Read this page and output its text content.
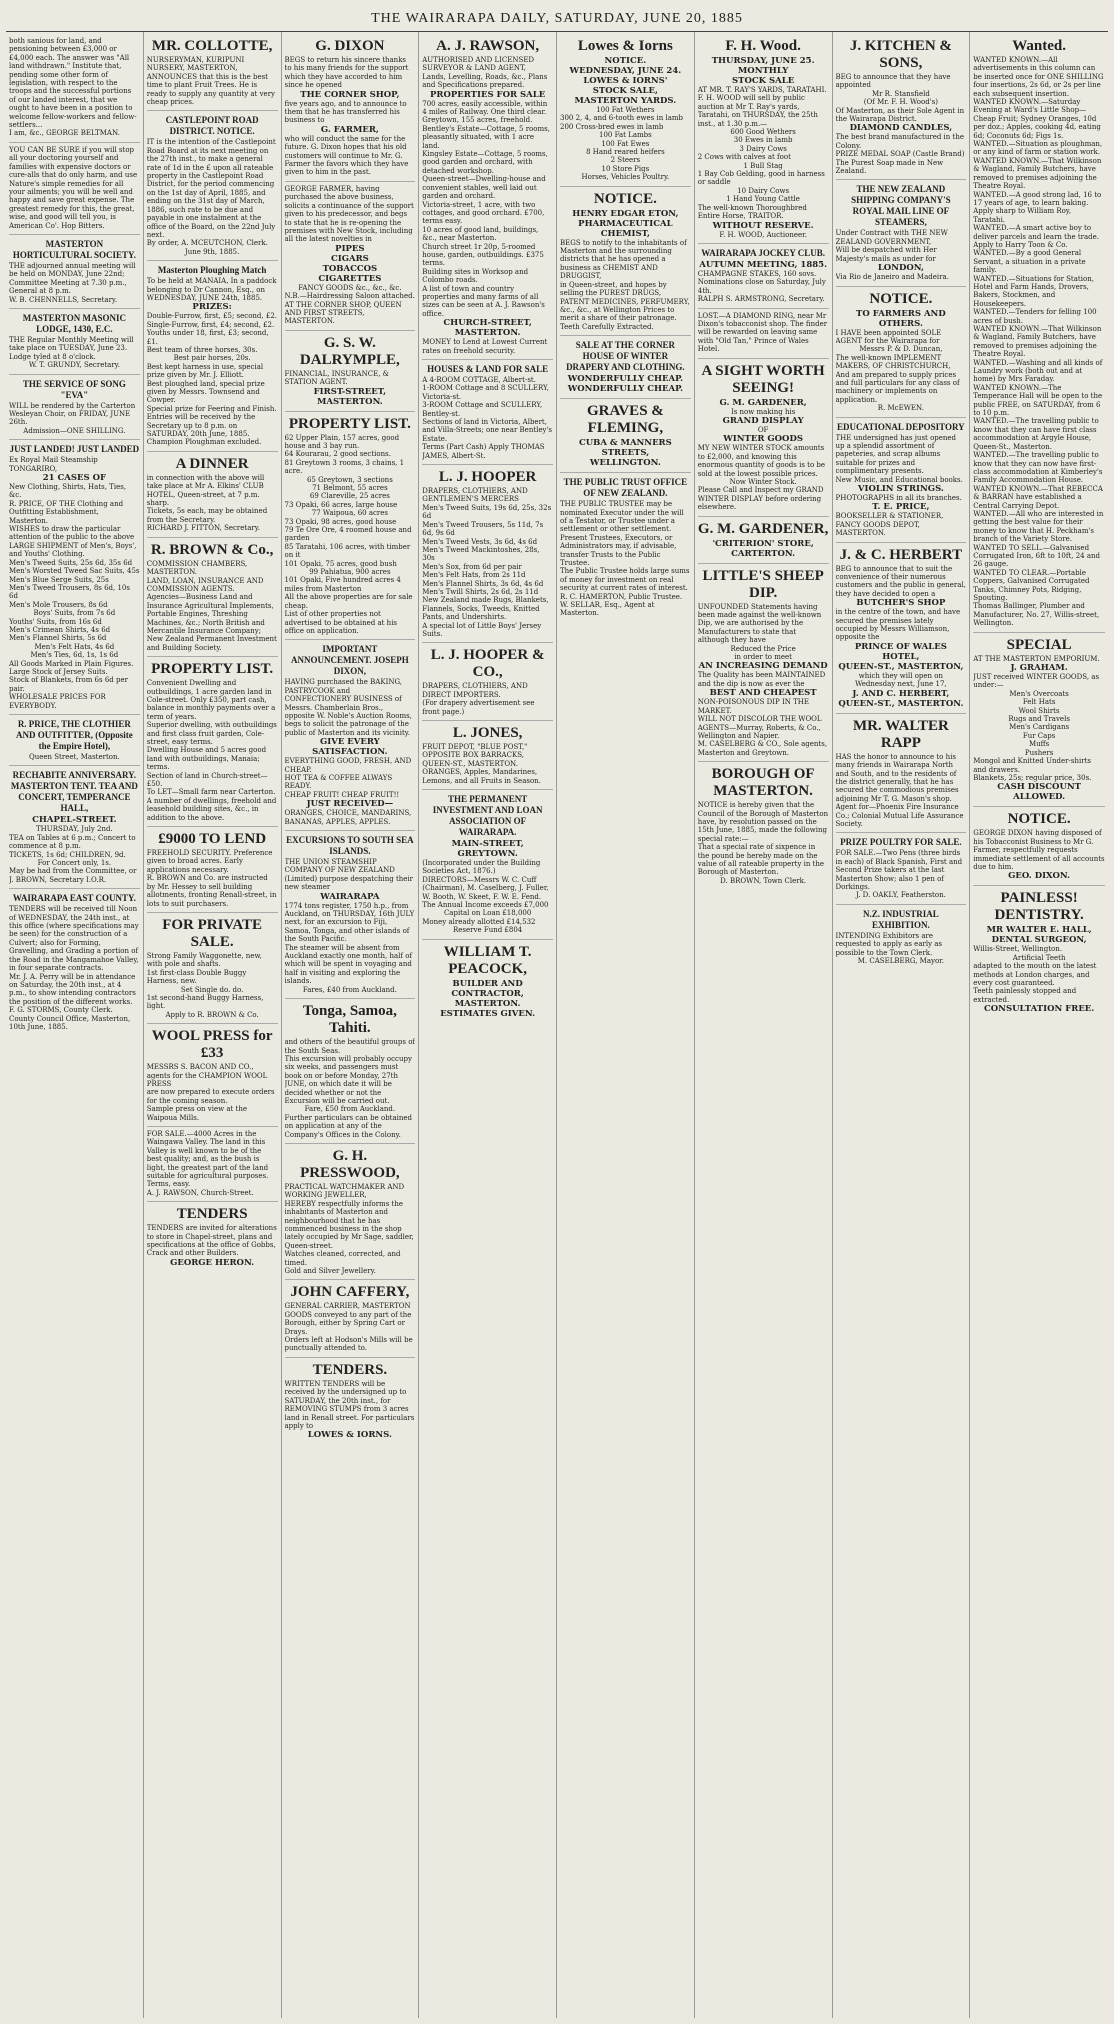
THE WAIRARAPA DAILY, SATURDAY, JUNE 20, 1885
both sanious for land, and pensioning between £3,000 or £4,000 each. The answer was "All land withdrawn." Institute that, pending some other form of legislation, with respect to the troops and the successful portions of our landed interest, that we ought to have been in a position to welcome fellow-workers and fellow-settlers...
I am, &c., GEORGE BELTMAN.
YOU CAN BE SURE if you will stop all your doctoring yourself and families with expensive doctors or cure-alls that do only harm, and use Nature's simple remedies for all your ailments; you will be well and happy and save great expense. The greatest remedy for this, the great, wise, and good will tell you, is American Co'. Hop Bitters.
MASTERTON HORTICULTURAL SOCIETY.
THE adjourned annual meeting will be held on MONDAY, June 22nd; Committee Meeting at 7.30 p.m., General at 8 p.m.
W. B. CHENNELLS, Secretary.
MASTERTON MASONIC LODGE, 1430, E.C.
THE Regular Monthly Meeting will take place on TUESDAY, June 23. Lodge tyled at 8 o'clock.
W. T. GRUNDY, Secretary.
THE SERVICE OF SONG "EVA"
WILL be rendered by the Carterton Wesleyan Choir, on FRIDAY, JUNE 26th.
Admission—ONE SHILLING.
JUST LANDED! JUST LANDED
Ex Royal Mail Steamship TONGARIRO,
21 CASES OF
New Clothing, Shirts, Hats, Ties, &c.
R. PRICE, OF THE Clothing and Outfitting Establishment, Masterton.
WISHES to draw the particular attention of the public to the above LARGE SHIPMENT of Men's, Boys', and Youths' Clothing.
Men's Tweed Suits, 25s 6d, 35s 6d
Men's Worsted Tweed Sac Suits, 45s
Men's Blue Serge Suits, 25s
Men's Tweed Trousers, 8s 6d, 10s 6d
Men's Mole Trousers, 8s 6d
Boys' Suits, from 7s 6d
Youths' Suits, from 16s 6d
Men's Crimean Shirts, 4s 6d
Men's Flannel Shirts, 5s 6d
Men's Felt Hats, 4s 6d
Men's Ties, 6d, 1s, 1s 6d
All Goods Marked in Plain Figures.
Large Stock of Jersey Suits.
Stock of Blankets, from 6s 6d per pair.
WHOLESALE PRICES FOR EVERYBODY.
R. PRICE, THE CLOTHIER AND OUTFITTER, (Opposite the Empire Hotel),
Queen Street, Masterton.
RECHABITE ANNIVERSARY. MASTERTON TENT. TEA AND CONCERT, TEMPERANCE HALL,
CHAPEL-STREET.
THURSDAY, July 2nd.
TEA on Tables at 6 p.m.; Concert to commence at 8 p.m.
TICKETS, 1s 6d; CHILDREN, 9d.
For Concert only, 1s.
May be had from the Committee, or J. BROWN, Secretary I.O.R.
WAIRARAPA EAST COUNTY.
TENDERS will be received till Noon of WEDNESDAY, the 24th inst., at this office (where specifications may be seen) for the construction of a Culvert; also for Forming, Gravelling, and Grading a portion of the Road in the Mangamahoe Valley, in four separate contracts.
Mr. J. A. Perry will be in attendance on Saturday, the 20th inst., at 4 p.m., to show intending contractors the position of the different works.
F. G. STORMS, County Clerk.
County Council Office, Masterton, 10th June, 1885.
MR. COLLOTTE,
NURSERYMAN, KURIPUNI NURSERY, MASTERTON, ANNOUNCES that this is the best time to plant Fruit Trees. He is ready to supply any quantity at very cheap prices.
CASTLEPOINT ROAD DISTRICT. NOTICE.
IT is the intention of the Castlepoint Road Board at its next meeting on the 27th inst., to make a general rate of 1d in the £ upon all rateable property in the Castlepoint Road District, for the period commencing on the 1st day of April, 1885, and ending on the 31st day of March, 1886, such rate to be due and payable in one instalment at the office of the Board, on the 22nd July next.
By order, A. MCEUTCHON, Clerk.
June 9th, 1885.
Masterton Ploughing Match
To be held at MANAIA, In a paddock belonging to Dr Cannon, Esq., on WEDNESDAY, JUNE 24th, 1885.
PRIZES:
Double-Furrow, first, £5; second, £2.
Single-Furrow, first, £4; second, £2.
Youths under 18, first, £3; second, £1.
Best team of three horses, 30s.
Best pair horses, 20s.
Best kept harness in use, special prize given by Mr. J. Elliott.
Best ploughed land, special prize given by Messrs. Townsend and Cowper.
Special prize for Feering and Finish.
Entries will be received by the Secretary up to 8 p.m. on SATURDAY, 20th June, 1885.
Champion Ploughman excluded.
A DINNER
in connection with the above will take place at Mr A. Elkins' CLUB HOTEL, Queen-street, at 7 p.m. sharp.
Tickets, 5s each, may be obtained from the Secretary.
RICHARD J. FITTON, Secretary.
R. BROWN & Co.,
COMMISSION CHAMBERS, MASTERTON.
LAND, LOAN, INSURANCE AND COMMISSION AGENTS.
Agencies—Business Land and Insurance Agricultural Implements, Portable Engines, Threshing Machines, &c.; North British and Mercantile Insurance Company; New Zealand Permanent Investment and Building Society.
PROPERTY LIST.
Convenient Dwelling and outbuildings, 1 acre garden land in Cole-street. Only £350, part cash, balance in monthly payments over a term of years.
Superior dwelling, with outbuildings and first class fruit garden, Cole-street, easy terms.
Dwelling House and 5 acres good land with outbuildings, Manaia; terms.
Section of land in Church-street—£50.
To LET—Small farm near Carterton.
A number of dwellings, freehold and leasehold building sites, &c., in addition to the above.
£9000 TO LEND
FREEHOLD SECURITY. Preference given to broad acres. Early applications necessary.
R. BROWN and Co. are instructed by Mr. Hessey to sell building allotments, fronting Renall-street, in lots to suit purchasers.
FOR PRIVATE SALE.
Strong Family Waggonette, new, with pole and shafts.
1st first-class Double Buggy Harness, new.
Set Single do. do.
1st second-hand Buggy Harness, light.
Apply to R. BROWN & Co.
WOOL PRESS for £33
MESSRS S. BACON AND CO., agents for the CHAMPION WOOL PRESS
are now prepared to execute orders for the coming season.
Sample press on view at the Waipoua Mills.
FOR SALE.—4000 Acres in the Waingawa Valley. The land in this Valley is well known to be of the best quality; and, as the bush is light, the greatest part of the land suitable for agricultural purposes. Terms, easy.
A. J. RAWSON, Church-Street.
TENDERS
TENDERS are invited for alterations to store in Chapel-street, plans and specifications at the office of Gobbs, Crack and other Builders.
GEORGE HERON.
G. DIXON
BEGS to return his sincere thanks to his many friends for the support which they have accorded to him since he opened
THE CORNER SHOP,
five years ago, and to announce to them that he has transferred his business to
G. FARMER,
who will conduct the same for the future. G. Dixon hopes that his old customers will continue to Mr. G. Farmer the favors which they have given to him in the past.
GEORGE FARMER, having purchased the above business, solicits a continuance of the support given to his predecessor, and begs to state that he is re-opening the premises with New Stock, including all the latest novelties in
PIPES
CIGARS
TOBACCOS
CIGARETTES
FANCY GOODS &c., &c., &c.
N.B.—Hairdressing Saloon attached.
AT THE CORNER SHOP, QUEEN AND FIRST STREETS, MASTERTON.
G. S. W. DALRYMPLE,
FINANCIAL, INSURANCE, & STATION AGENT.
FIRST-STREET, MASTERTON.
PROPERTY LIST.
62 Upper Plain, 157 acres, good house and 3 bay run.
64 Kourarau, 2 good sections.
81 Greytown 3 rooms, 3 chains, 1 acre.
65 Greytown, 3 sections
71 Belmont, 55 acres
69 Clareville, 25 acres
73 Opaki, 66 acres, large house
77 Waipoua, 60 acres
73 Opaki, 98 acres, good house
79 Te Ore Ore, 4 roomed house and garden
85 Taratahi, 106 acres, with timber on it
101 Opaki, 75 acres, good bush
99 Pahiatua, 900 acres
101 Opaki, Five hundred acres 4 miles from Masterton
All the above properties are for sale cheap.
List of other properties not advertised to be obtained at his office on application.
IMPORTANT ANNOUNCEMENT. JOSEPH DIXON,
HAVING purchased the BAKING, PASTRYCOOK and CONFECTIONERY BUSINESS of Messrs. Chamberlain Bros., opposite W. Noble's Auction Rooms, begs to solicit the patronage of the public of Masterton and its vicinity.
GIVE EVERY SATISFACTION.
EVERYTHING GOOD, FRESH, AND CHEAP.
HOT TEA & COFFEE ALWAYS READY.
CHEAP FRUIT! CHEAP FRUIT!!
JUST RECEIVED—
ORANGES, CHOICE, MANDARINS, BANANAS, APPLES, APPLES.
EXCURSIONS TO SOUTH SEA ISLANDS.
THE UNION STEAMSHIP COMPANY OF NEW ZEALAND (Limited) purpose despatching their new steamer
WAIRARAPA
1774 tons register, 1750 h.p., from Auckland, on THURSDAY, 16th JULY next, for an excursion to Fiji, Samoa, Tonga, and other islands of the South Pacific.
The steamer will be absent from Auckland exactly one month, half of which will be spent in voyaging and half in visiting and exploring the islands.
Fares, £40 from Auckland.
Tonga, Samoa, Tahiti.
and others of the beautiful groups of the South Seas.
This excursion will probably occupy six weeks, and passengers must book on or before Monday, 27th JUNE, on which date it will be decided whether or not the Excursion will be carried out.
Fare, £50 from Auckland.
Further particulars can be obtained on application at any of the Company's Offices in the Colony.
G. H. PRESSWOOD,
PRACTICAL WATCHMAKER AND WORKING JEWELLER,
HEREBY respectfully informs the inhabitants of Masterton and neighbourhood that he has commenced business in the shop lately occupied by Mr Sage, saddler, Queen-street.
Watches cleaned, corrected, and timed.
Gold and Silver Jewellery.
JOHN CAFFERY,
GENERAL CARRIER, MASTERTON
GOODS conveyed to any part of the Borough, either by Spring Cart or Drays.
Orders left at Hodson's Mills will be punctually attended to.
TENDERS.
WRITTEN TENDERS will be received by the undersigned up to SATURDAY, the 20th inst., for REMOVING STUMPS from 3 acres land in Renall street. For particulars apply to
LOWES & IORNS.
A. J. RAWSON,
AUTHORISED AND LICENSED SURVEYOR & LAND AGENT,
Lands, Levelling, Roads, &c., Plans and Specifications prepared.
PROPERTIES FOR SALE
700 acres, easily accessible, within 4 miles of Railway. One third clear.
Greytown, 155 acres, freehold.
Bentley's Estate—Cottage, 5 rooms, pleasantly situated, with 1 acre land.
Kingsley Estate—Cottage, 5 rooms, good garden and orchard, with detached workshop.
Queen-street—Dwelling-house and convenient stables, well laid out garden and orchard.
Victoria-street, 1 acre, with two cottages, and good orchard. £700, terms easy.
10 acres of good land, buildings, &c., near Masterton.
Church street 1r 20p, 5-roomed house, garden, outbuildings. £375 terms.
Building sites in Worksop and Colombo roads.
A list of town and country properties and many farms of all sizes can be seen at A. J. Rawson's office.
CHURCH-STREET, MASTERTON.
MONEY to Lend at Lowest Current rates on freehold security.
HOUSES & LAND FOR SALE
A 4-ROOM COTTAGE, Albert-st.
1-ROOM Cottage and 8 SCULLERY, Victoria-st.
3-ROOM Cottage and SCULLERY, Bentley-st.
Sections of land in Victoria, Albert, and Villa-Streets; one near Bentley's Estate.
Terms (Part Cash) Apply THOMAS JAMES, Albert-St.
L. J. HOOPER
DRAPERS, CLOTHIERS, AND GENTLEMEN'S MERCERS
Men's Tweed Suits, 19s 6d, 25s, 32s 6d
Men's Tweed Trousers, 5s 11d, 7s 6d, 9s 6d
Men's Tweed Vests, 3s 6d, 4s 6d
Men's Tweed Mackintoshes, 28s, 30s
Men's Sox, from 6d per pair
Men's Felt Hats, from 2s 11d
Men's Flannel Shirts, 3s 6d, 4s 6d
Men's Twill Shirts, 2s 6d, 2s 11d
New Zealand made Rugs, Blankets, Flannels, Socks, Tweeds, Knitted Pants, and Undershirts.
A special lot of Little Boys' Jersey Suits.
L. J. HOOPER & CO.,
DRAPERS, CLOTHIERS, AND DIRECT IMPORTERS.
(For drapery advertisement see front page.)
L. JONES,
FRUIT DEPOT, "BLUE POST," OPPOSITE BOX BARRACKS, QUEEN-ST., MASTERTON.
ORANGES, Apples, Mandarines, Lemons, and all Fruits in Season.
THE PERMANENT INVESTMENT AND LOAN ASSOCIATION OF WAIRARAPA.
MAIN-STREET, GREYTOWN.
(Incorporated under the Building Societies Act, 1876.)
DIRECTORS—Messrs W. C. Cuff (Chairman), M. Caselberg, J. Fuller, W. Booth, W. Skeet, F. W. E. Fend.
The Annual Income exceeds £7,000
Capital on Loan £18,000
Money already allotted £14,532
Reserve Fund £804
WILLIAM T. PEACOCK,
BUILDER AND CONTRACTOR,
MASTERTON.
ESTIMATES GIVEN.
Lowes & Iorns
NOTICE.
WEDNESDAY, JUNE 24.
LOWES & IORNS'
STOCK SALE,
MASTERTON YARDS.
100 Fat Wethers
300 2, 4, and 6-tooth ewes in lamb
200 Cross-bred ewes in lamb
100 Fat Lambs
100 Fat Ewes
8 Hand reared heifers
2 Steers
10 Store Pigs
Horses, Vehicles Poultry.
NOTICE.
HENRY EDGAR ETON,
PHARMACEUTICAL CHEMIST,
BEGS to notify to the inhabitants of Masterton and the surrounding districts that he has opened a business as CHEMIST AND DRUGGIST,
in Queen-street, and hopes by selling the PUREST DRUGS, PATENT MEDICINES, PERFUMERY, &c., &c., at Wellington Prices to merit a share of their patronage.
Teeth Carefully Extracted.
SALE AT THE CORNER HOUSE OF WINTER DRAPERY AND CLOTHING.
WONDERFULLY CHEAP.
WONDERFULLY CHEAP.
GRAVES & FLEMING,
CUBA & MANNERS STREETS,
WELLINGTON.
THE PUBLIC TRUST OFFICE OF NEW ZEALAND.
THE PUBLIC TRUSTEE may be nominated Executor under the will of a Testator, or Trustee under a settlement or other settlement.
Present Trustees, Executors, or Administrators may, if advisable, transfer Trusts to the Public Trustee.
The Public Trustee holds large sums of money for investment on real security at current rates of interest.
R. C. HAMERTON, Public Trustee.
W. SELLAR, Esq., Agent at Masterton.
F. H. Wood.
THURSDAY, JUNE 25.
MONTHLY
STOCK SALE
AT MR. T. RAY'S YARDS, TARATAHI.
F. H. WOOD will sell by public auction at Mr T. Ray's yards, Taratahi, on THURSDAY, the 25th inst., at 1.30 p.m.—
600 Good Wethers
30 Ewes in lamb
3 Dairy Cows
2 Cows with calves at foot
1 Bull Stag
1 Bay Cob Gelding, good in harness or saddle
10 Dairy Cows
1 Hand Young Cattle
The well-known Thoroughbred Entire Horse, TRAITOR.
WITHOUT RESERVE.
F. H. WOOD, Auctioneer.
WAIRARAPA JOCKEY CLUB.
AUTUMN MEETING, 1885.
CHAMPAGNE STAKES, 160 sovs.
Nominations close on Saturday, July 4th.
RALPH S. ARMSTRONG, Secretary.
LOST.—A DIAMOND RING, near Mr Dixon's tobacconist shop. The finder will be rewarded on leaving same with "Old Tan," Prince of Wales Hotel.
A SIGHT WORTH SEEING!
G. M. GARDENER,
Is now making his
GRAND DISPLAY
OF
WINTER GOODS
MY NEW WINTER STOCK amounts to £2,000, and knowing this enormous quantity of goods is to be sold at the lowest possible prices.
Now Winter Stock.
Please Call and Inspect my GRAND WINTER DISPLAY before ordering elsewhere.
G. M. GARDENER,
'CRITERION' STORE,
CARTERTON.
LITTLE'S SHEEP DIP.
UNFOUNDED Statements having been made against the well-known Dip, we are authorised by the Manufacturers to state that although they have
Reduced the Price
in order to meet
AN INCREASING DEMAND
The Quality has been MAINTAINED and the dip is now as ever the
BEST AND CHEAPEST
NON-POISONOUS DIP IN THE MARKET.
WILL NOT DISCOLOR THE WOOL
AGENTS—Murray, Roberts, & Co., Wellington and Napier.
M. CASELBERG & CO., Sole agents, Masterton and Greytown.
BOROUGH OF MASTERTON.
NOTICE is hereby given that the Council of the Borough of Masterton have, by resolution passed on the 15th June, 1885, made the following special rate:—
That a special rate of sixpence in the pound be hereby made on the value of all rateable property in the Borough of Masterton.
D. BROWN, Town Clerk.
J. KITCHEN & SONS,
BEG to announce that they have appointed
Mr R. Stansfield
(Of Mr. F. H. Wood's)
Of Masterton, as their Sole Agent in the Wairarapa District.
DIAMOND CANDLES,
The best brand manufactured in the Colony.
PRIZE MEDAL SOAP (Castle Brand)
The Purest Soap made in New Zealand.
THE NEW ZEALAND SHIPPING COMPANY'S ROYAL MAIL LINE OF STEAMERS,
Under Contract with THE NEW ZEALAND GOVERNMENT,
Will be despatched with Her Majesty's mails as under for
LONDON,
Via Rio de Janeiro and Madeira.
NOTICE.
TO FARMERS AND OTHERS.
I HAVE been appointed SOLE AGENT for the Wairarapa for
Messrs P. & D. Duncan,
The well-known IMPLEMENT MAKERS, OF CHRISTCHURCH,
And am prepared to supply prices and full particulars for any class of machinery or implements on application.
R. McEWEN.
EDUCATIONAL DEPOSITORY
THE undersigned has just opened up a splendid assortment of papeteries, and scrap albums suitable for prizes and complimentary presents.
New Music, and Educational books.
VIOLIN STRINGS.
PHOTOGRAPHS in all its branches.
T. E. PRICE,
BOOKSELLER & STATIONER, FANCY GOODS DEPOT, MASTERTON.
J. & C. HERBERT
BEG to announce that to suit the convenience of their numerous customers and the public in general, they have decided to open a
BUTCHER'S SHOP
in the centre of the town, and have secured the premises lately occupied by Messrs Williamson, opposite the
PRINCE OF WALES HOTEL,
QUEEN-ST., MASTERTON,
which they will open on
Wednesday next, June 17,
J. AND C. HERBERT,
QUEEN-ST., MASTERTON.
MR. WALTER RAPP
HAS the honor to announce to his many friends in Wairarapa North and South, and to the residents of the district generally, that he has secured the commodious premises adjoining Mr T. G. Mason's shop.
Agent for—Phoenix Fire Insurance Co.; Colonial Mutual Life Assurance Society.
PRIZE POULTRY FOR SALE.
FOR SALE.—Two Pens (three birds in each) of Black Spanish, First and Second Prize takers at the last Masterton Show; also 1 pen of Dorkings.
J. D. OAKLY, Featherston.
N.Z. INDUSTRIAL EXHIBITION.
INTENDING Exhibitors are requested to apply as early as possible to the Town Clerk.
M. CASELBERG, Mayor.
Wanted.
WANTED KNOWN.—All advertisements in this column can be inserted once for ONE SHILLING four insertions, 2s 6d, or 2s per line each subsequent insertion.
WANTED KNOWN.—Saturday Evening at Ward's Little Shop—Cheap Fruit; Sydney Oranges, 10d per doz.; Apples, cooking 4d, eating 6d; Coconuts 6d; Figs 1s.
WANTED.—Situation as ploughman, or any kind of farm or station work.
WANTED KNOWN.—That Wilkinson & Wagland, Family Butchers, have removed to premises adjoining the Theatre Royal.
WANTED.—A good strong lad, 16 to 17 years of age, to learn baking. Apply sharp to William Roy, Taratahi.
WANTED.—A smart active boy to deliver parcels and learn the trade. Apply to Harry Toon & Co.
WANTED.—By a good General Servant, a situation in a private family.
WANTED.—Situations for Station, Hotel and Farm Hands, Drovers, Bakers, Stockmen, and Housekeepers.
WANTED.—Tenders for felling 100 acres of bush.
WANTED KNOWN.—That Wilkinson & Wagland, Family Butchers, have removed to premises adjoining the Theatre Royal.
WANTED.—Washing and all kinds of Laundry work (both out and at home) by Mrs Faraday.
WANTED KNOWN.—The Temperance Hall will be open to the public FREE, on SATURDAY, from 6 to 10 p.m.
WANTED.—The travelling public to know that they can have first class accommodation at Argyle House, Queen-St., Masterton.
WANTED.—The travelling public to know that they can now have first-class accommodation at Kimberley's Family Accommodation House.
WANTED KNOWN.—That REBECCA & BARRAN have established a Central Carrying Depot.
WANTED.—All who are interested in getting the best value for their money to know that H. Peckham's branch of the Variety Store.
WANTED TO SELL.—Galvanised Corrugated Iron, 6ft to 10ft, 24 and 26 gauge.
WANTED TO CLEAR.—Portable Coppers, Galvanised Corrugated Tanks, Chimney Pots, Ridging, Spouting.
Thomas Ballinger, Plumber and Manufacturer, No. 27, Willis-street, Wellington.
SPECIAL
AT THE MASTERTON EMPORIUM.
J. GRAHAM.
JUST received WINTER GOODS, as under:—
Men's Overcoats
Felt Hats
Wool Shirts
Rugs and Travels
Men's Cardigans
Fur Caps
Muffs
Pushers
Mongol and Knitted Under-shirts and drawers.
Blankets, 25s; regular price, 30s.
CASH DISCOUNT ALLOWED.
NOTICE.
GEORGE DIXON having disposed of his Tobacconist Business to Mr G. Farmer, respectfully requests immediate settlement of all accounts due to him.
GEO. DIXON.
PAINLESS! DENTISTRY.
MR WALTER E. HALL,
DENTAL SURGEON,
Willis-Street, Wellington.
Artificial Teeth
adapted to the mouth on the latest methods at London charges, and every cost guaranteed.
Teeth painlessly stopped and extracted.
CONSULTATION FREE.
